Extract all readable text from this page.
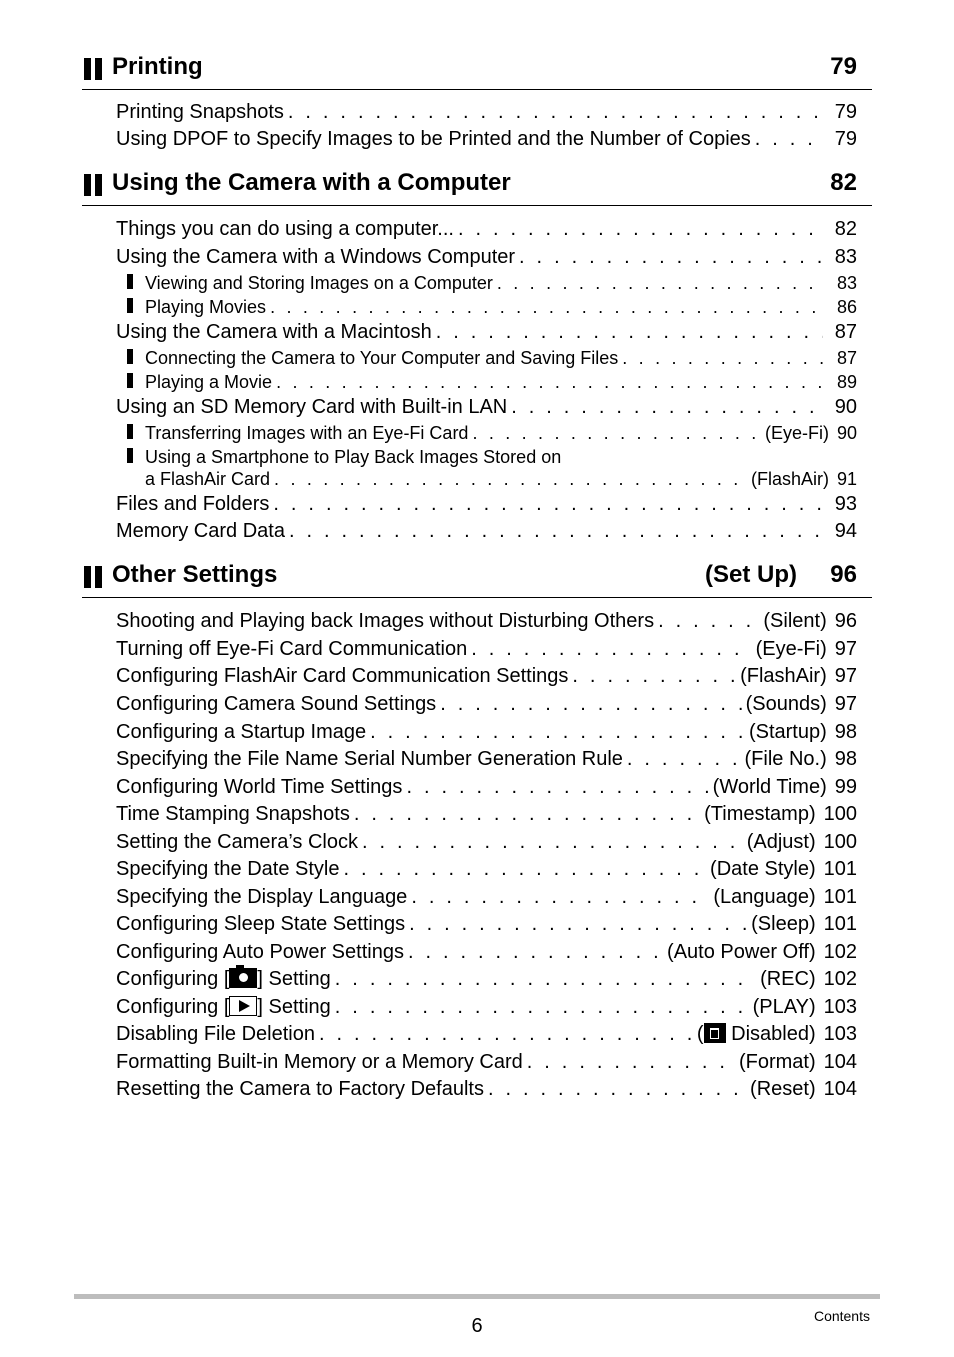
Printing	79
Printing Snapshots . . .	79
Using DPOF to Specify Images to be Printed and the Number of Copies . . .	79
Using the Camera with a Computer	82
Things you can do using a computer... . . .	82
Using the Camera with a Windows Computer . . .	83
Viewing and Storing Images on a Computer . . .	83
Playing Movies . . .	86
Using the Camera with a Macintosh . . .	87
Connecting the Camera to Your Computer and Saving Files . . .	87
Playing a Movie . . .	89
Using an SD Memory Card with Built-in LAN . . .	90
Transferring Images with an Eye-Fi Card . . .	(Eye-Fi) 90
Using a Smartphone to Play Back Images Stored on
a FlashAir Card . . .	(FlashAir) 91
Files and Folders . . .	93
Memory Card Data . . .	94
Other Settings	(Set Up) 96
Shooting and Playing back Images without Disturbing Others . . .	(Silent) 96
Turning off Eye-Fi Card Communication . . .	(Eye-Fi) 97
Configuring FlashAir Card Communication Settings . . .	(FlashAir) 97
Configuring Camera Sound Settings . . .	(Sounds) 97
Configuring a Startup Image . . .	(Startup) 98
Specifying the File Name Serial Number Generation Rule . . .	(File No.) 98
Configuring World Time Settings . . .	(World Time) 99
Time Stamping Snapshots . . .	(Timestamp) 100
Setting the Camera’s Clock . . .	(Adjust) 100
Specifying the Date Style . . .	(Date Style) 101
Specifying the Display Language . . .	(Language) 101
Configuring Sleep State Settings . . .	(Sleep) 101
Configuring Auto Power Settings . . .	(Auto Power Off) 102
Configuring [ ] Setting . . .	(REC) 102
Configuring [ ] Setting . . .	(PLAY) 103
Disabling File Deletion . . .	( Disabled) 103
Formatting Built-in Memory or a Memory Card . . .	(Format) 104
Resetting the Camera to Factory Defaults . . .	(Reset) 104
6	Contents
